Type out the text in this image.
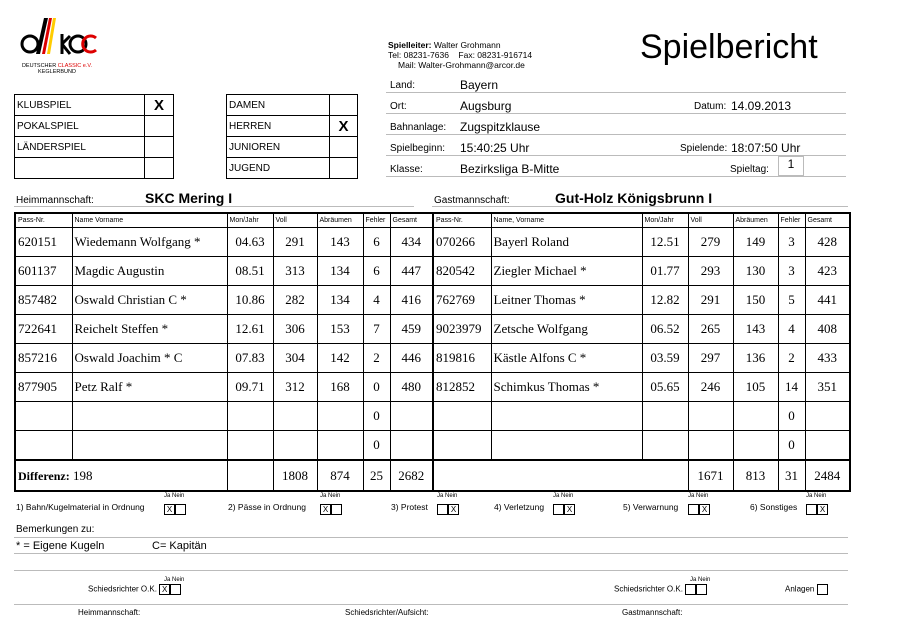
DEUTSCHER CLASSIC e.V.
KEGLERBUND
Spielleiter: Walter Grohmann
Tel: 08231-7636    Fax: 08231-916714
Mail: Walter-Grohmann@arcor.de	Spielbericht
Land:	Bayern
Ort:	Augsburg	Datum: 14.09.2013
Bahnanlage: Zugspitzklause
Spielbeginn: 15:40:25 Uhr	Spielende: 18:07:50 Uhr
Klasse:	Bezirksliga B-Mitte	Spieltag:	1
KLUBSPIEL	X
POKALSPIEL	
LÄNDERSPIEL	

DAMEN	
HERREN	X
JUNIOREN	
JUGEND	
Heimmannschaft:	SKC Mering I	Gastmannschaft:	Gut-Holz Königsbrunn I
Pass-Nr.	Name Vorname	Mon/Jahr	Voll	Abräumen	Fehler	Gesamt	Pass-Nr.	Name, Vorname	Mon/Jahr	Voll	Abräumen	Fehler	Gesamt
620151	Wiedemann Wolfgang *	04.63	291	143	6	434	070266	Bayerl Roland	12.51	279	149	3	428
601137	Magdic Augustin	08.51	313	134	6	447	820542	Ziegler Michael *	01.77	293	130	3	423
857482	Oswald Christian C *	10.86	282	134	4	416	762769	Leitner Thomas *	12.82	291	150	5	441
722641	Reichelt Steffen *	12.61	306	153	7	459	9023979	Zetsche Wolfgang	06.52	265	143	4	408
857216	Oswald Joachim * C	07.83	304	142	2	446	819816	Kästle Alfons C *	03.59	297	136	2	433
877905	Petz Ralf *	09.71	312	168	0	480	812852	Schimkus Thomas *	05.65	246	105	14	351
					0							0	
					0							0	
Differenz: 198			1808	874	25	2682				1671	813	31	2484
Ja Nein
1) Bahn/Kugelmaterial in Ordnung	X
Ja Nein
2) Pässe in Ordnung	X
Ja Nein
3) Protest	X
Ja Nein
4) Verletzung	X
Ja Nein
5) Verwarnung	X
Ja Nein
6) Sonstiges	X
Bemerkungen zu:
* = Eigene Kugeln	C= Kapitän
Ja Nein
Schiedsrichter O.K. X
Ja Nein
Schiedsrichter O.K.	Anlagen
Heimmannschaft:	Schiedsrichter/Aufsicht:	Gastmannschaft:
